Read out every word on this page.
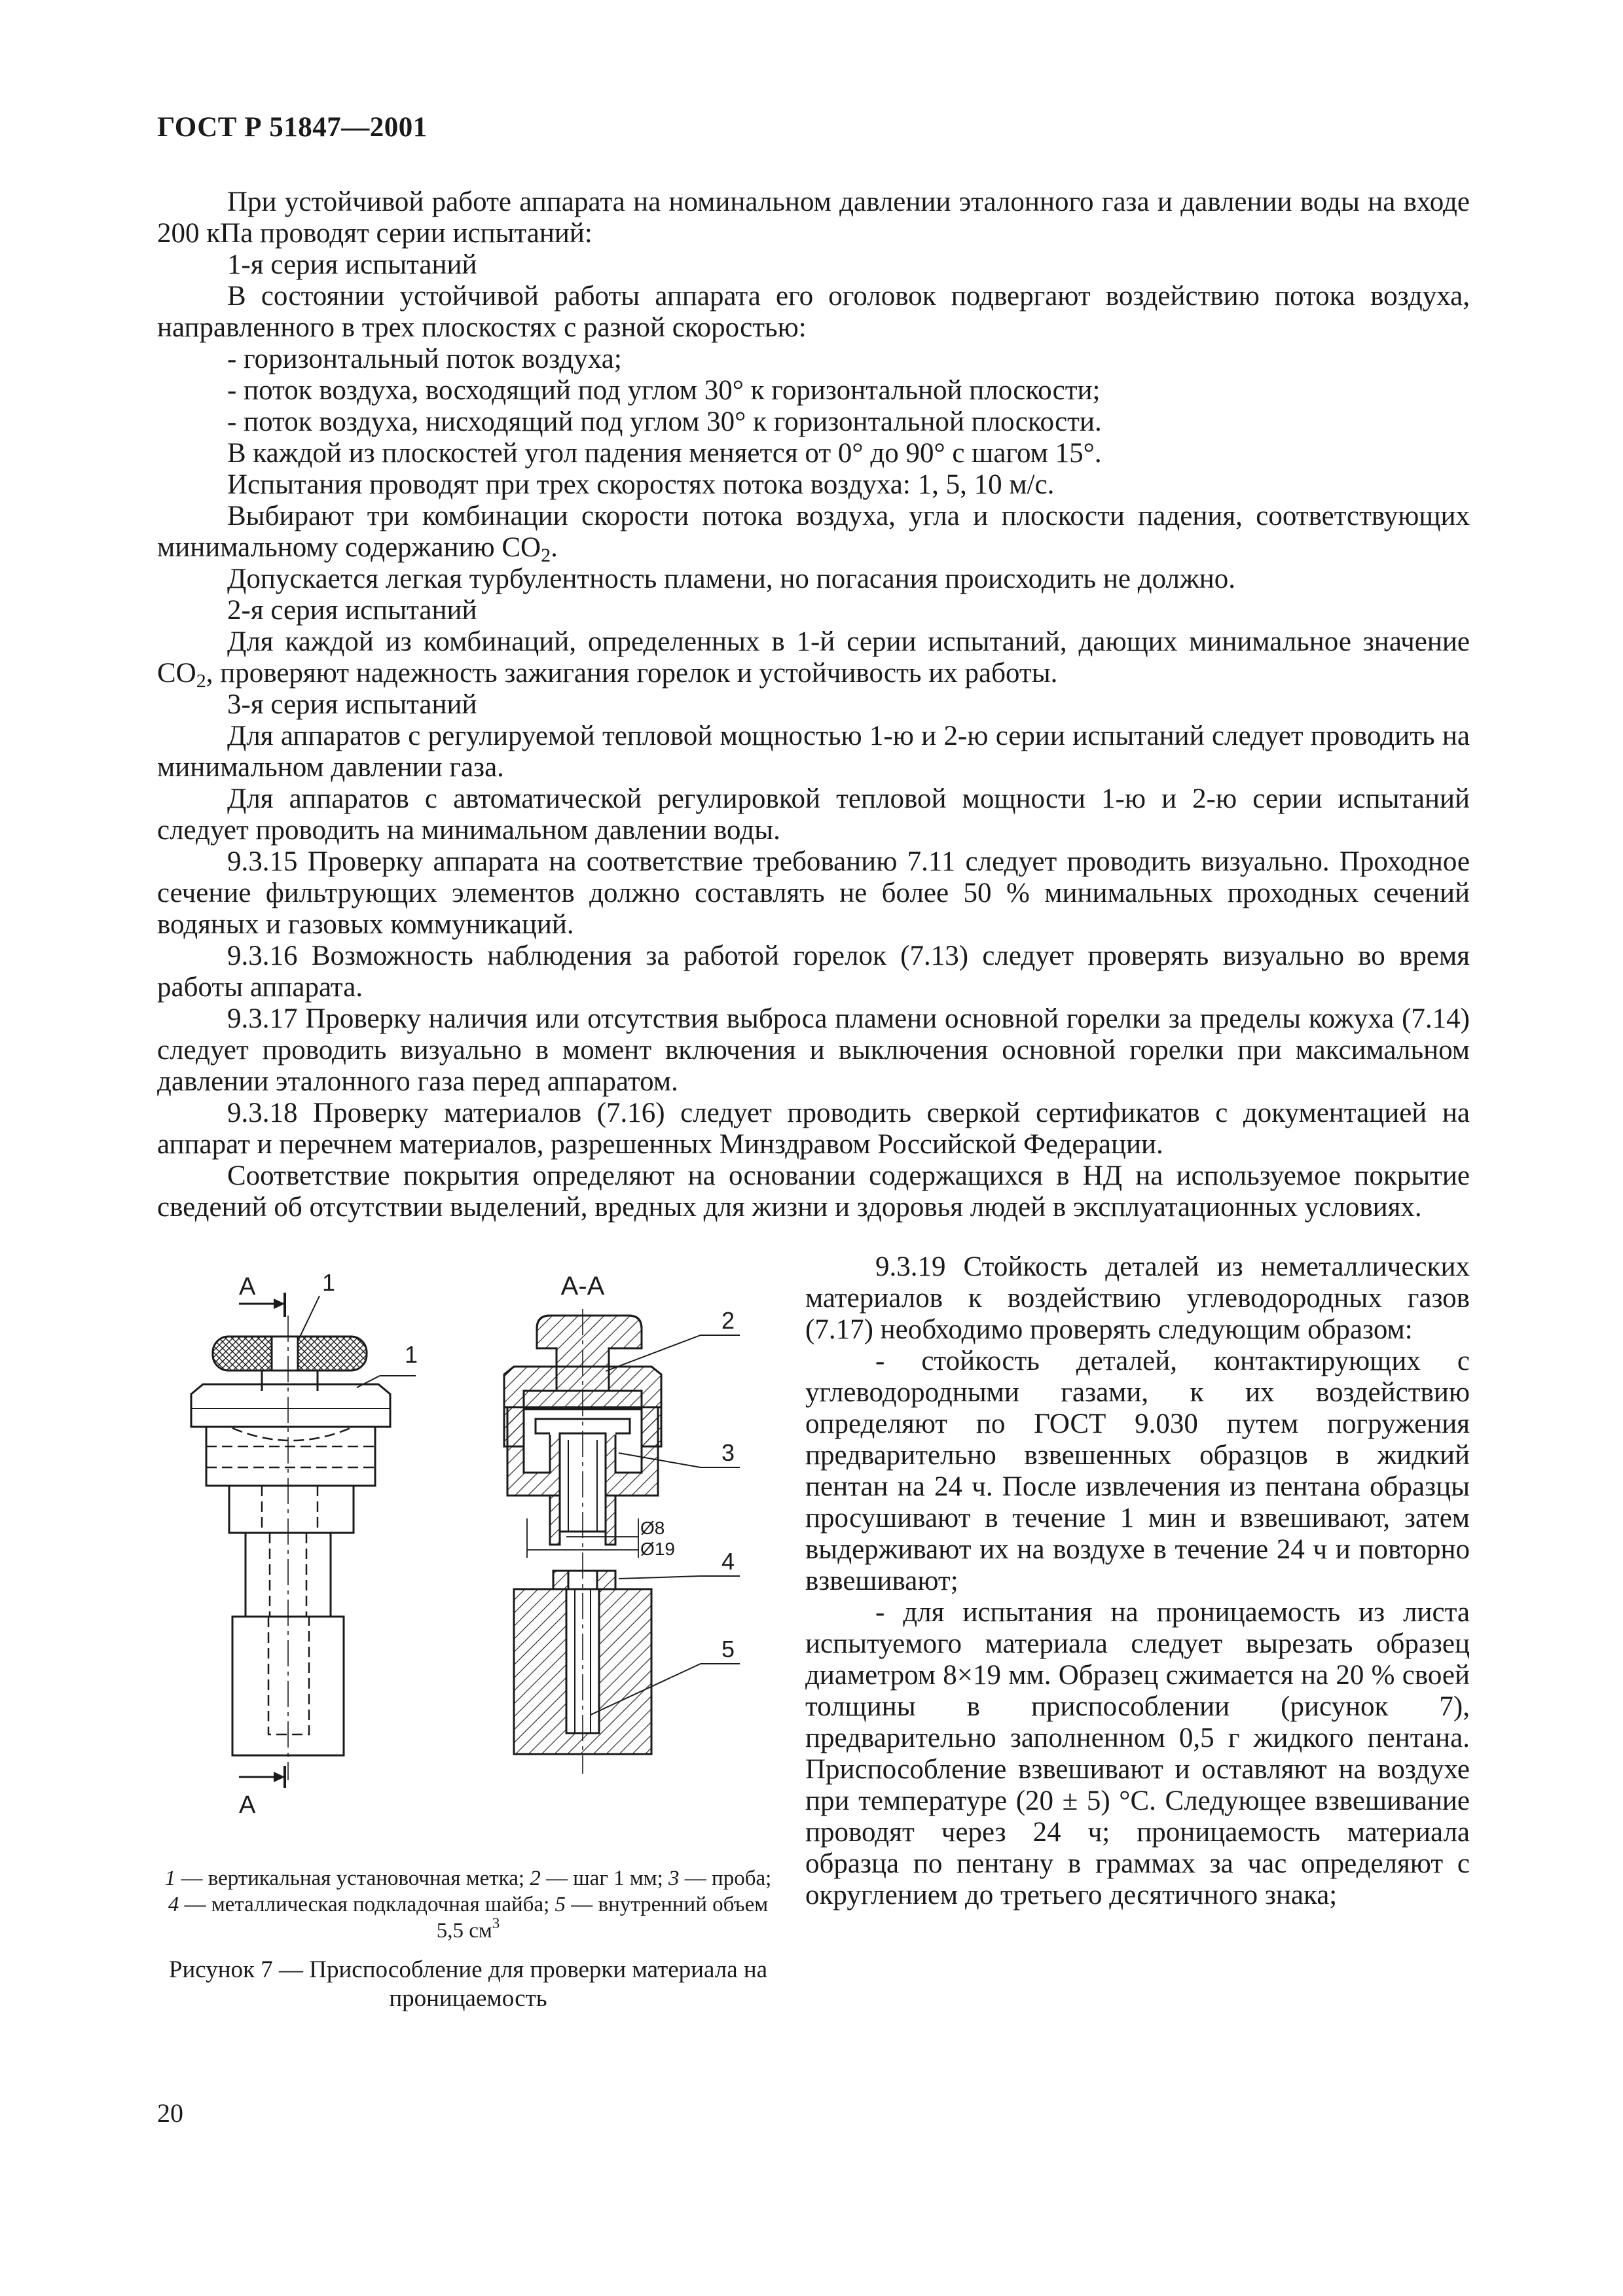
ГОСТ Р 51847—2001

При устойчивой работе аппарата на номинальном давлении эталонного газа и давлении воды на входе 200 кПа проводят серии испытаний:

1-я серия испытаний

В состоянии устойчивой работы аппарата его оголовок подвергают воздействию потока воздуха, направленного в трех плоскостях с разной скоростью:

- горизонтальный поток воздуха;

- поток воздуха, восходящий под углом 30° к горизонтальной плоскости;

- поток воздуха, нисходящий под углом 30° к горизонтальной плоскости.

В каждой из плоскостей угол падения меняется от 0° до 90° с шагом 15°.

Испытания проводят при трех скоростях потока воздуха: 1, 5, 10 м/с.

Выбирают три комбинации скорости потока воздуха, угла и плоскости падения, соответствующих минимальному содержанию $CO_2$.

Допускается легкая турбулентность пламени, но погасания происходить не должно.

2-я серия испытаний

Для каждой из комбинаций, определенных в 1-й серии испытаний, дающих минимальное значение $CO_2$, проверяют надежность зажигания горелок и устойчивость их работы.

3-я серия испытаний

Для аппаратов с регулируемой тепловой мощностью 1-ю и 2-ю серии испытаний следует проводить на минимальном давлении газа.

Для аппаратов с автоматической регулировкой тепловой мощности 1-ю и 2-ю серии испытаний следует проводить на минимальном давлении воды.

9.3.15 Проверку аппарата на соответствие требованию 7.11 следует проводить визуально. Проходное сечение фильтрующих элементов должно составлять не более 50 % минимальных проходных сечений водяных и газовых коммуникаций.

9.3.16 Возможность наблюдения за работой горелок (7.13) следует проверять визуально во время работы аппарата.

9.3.17 Проверку наличия или отсутствия выброса пламени основной горелки за пределы кожуха (7.14) следует проводить визуально в момент включения и выключения основной горелки при максимальном давлении эталонного газа перед аппаратом.

9.3.18 Проверку материалов (7.16) следует проводить сверкой сертификатов с документацией на аппарат и перечнем материалов, разрешенных Минздравом Российской Федерации.

Соответствие покрытия определяют на основании содержащихся в НД на используемое покрытие сведений об отсутствии выделений, вредных для жизни и здоровья людей в эксплуатационных условиях.

9.3.19 Стойкость деталей из неметаллических материалов к воздействию углеводородных газов (7.17) необходимо проверять следующим образом:

- стойкость деталей, контактирующих с углеводородными газами, к их воздействию определяют по ГОСТ 9.030 путем погружения предварительно взвешенных образцов в жидкий пентан на 24 ч. После извлечения из пентана образцы просушивают в течение 1 мин и взвешивают, затем выдерживают их на воздухе в течение 24 ч и повторно взвешивают;

- для испытания на проницаемость из листа испытуемого материала следует вырезать образец диаметром 8×19 мм. Образец сжимается на 20 % своей толщины в приспособлении (рисунок 7), предварительно заполненном 0,5 г жидкого пентана. Приспособление взвешивают и оставляют на воздухе при температуре (20 ± 5) °С. Следующее взвешивание проводят через 24 ч; проницаемость материала образца по пентану в граммах за час определяют с округлением до третьего десятичного знака;

А	1
1
А
А-А
Ø8
Ø19
2
3
4
5
1 — вертикальная установочная метка; 2 — шаг 1 мм; 3 — проба; 4 — металлическая подкладочная шайба; 5 — внутренний объем 5,5 $см^3$
Рисунок 7 — Приспособление для проверки материала на проницаемость
20
